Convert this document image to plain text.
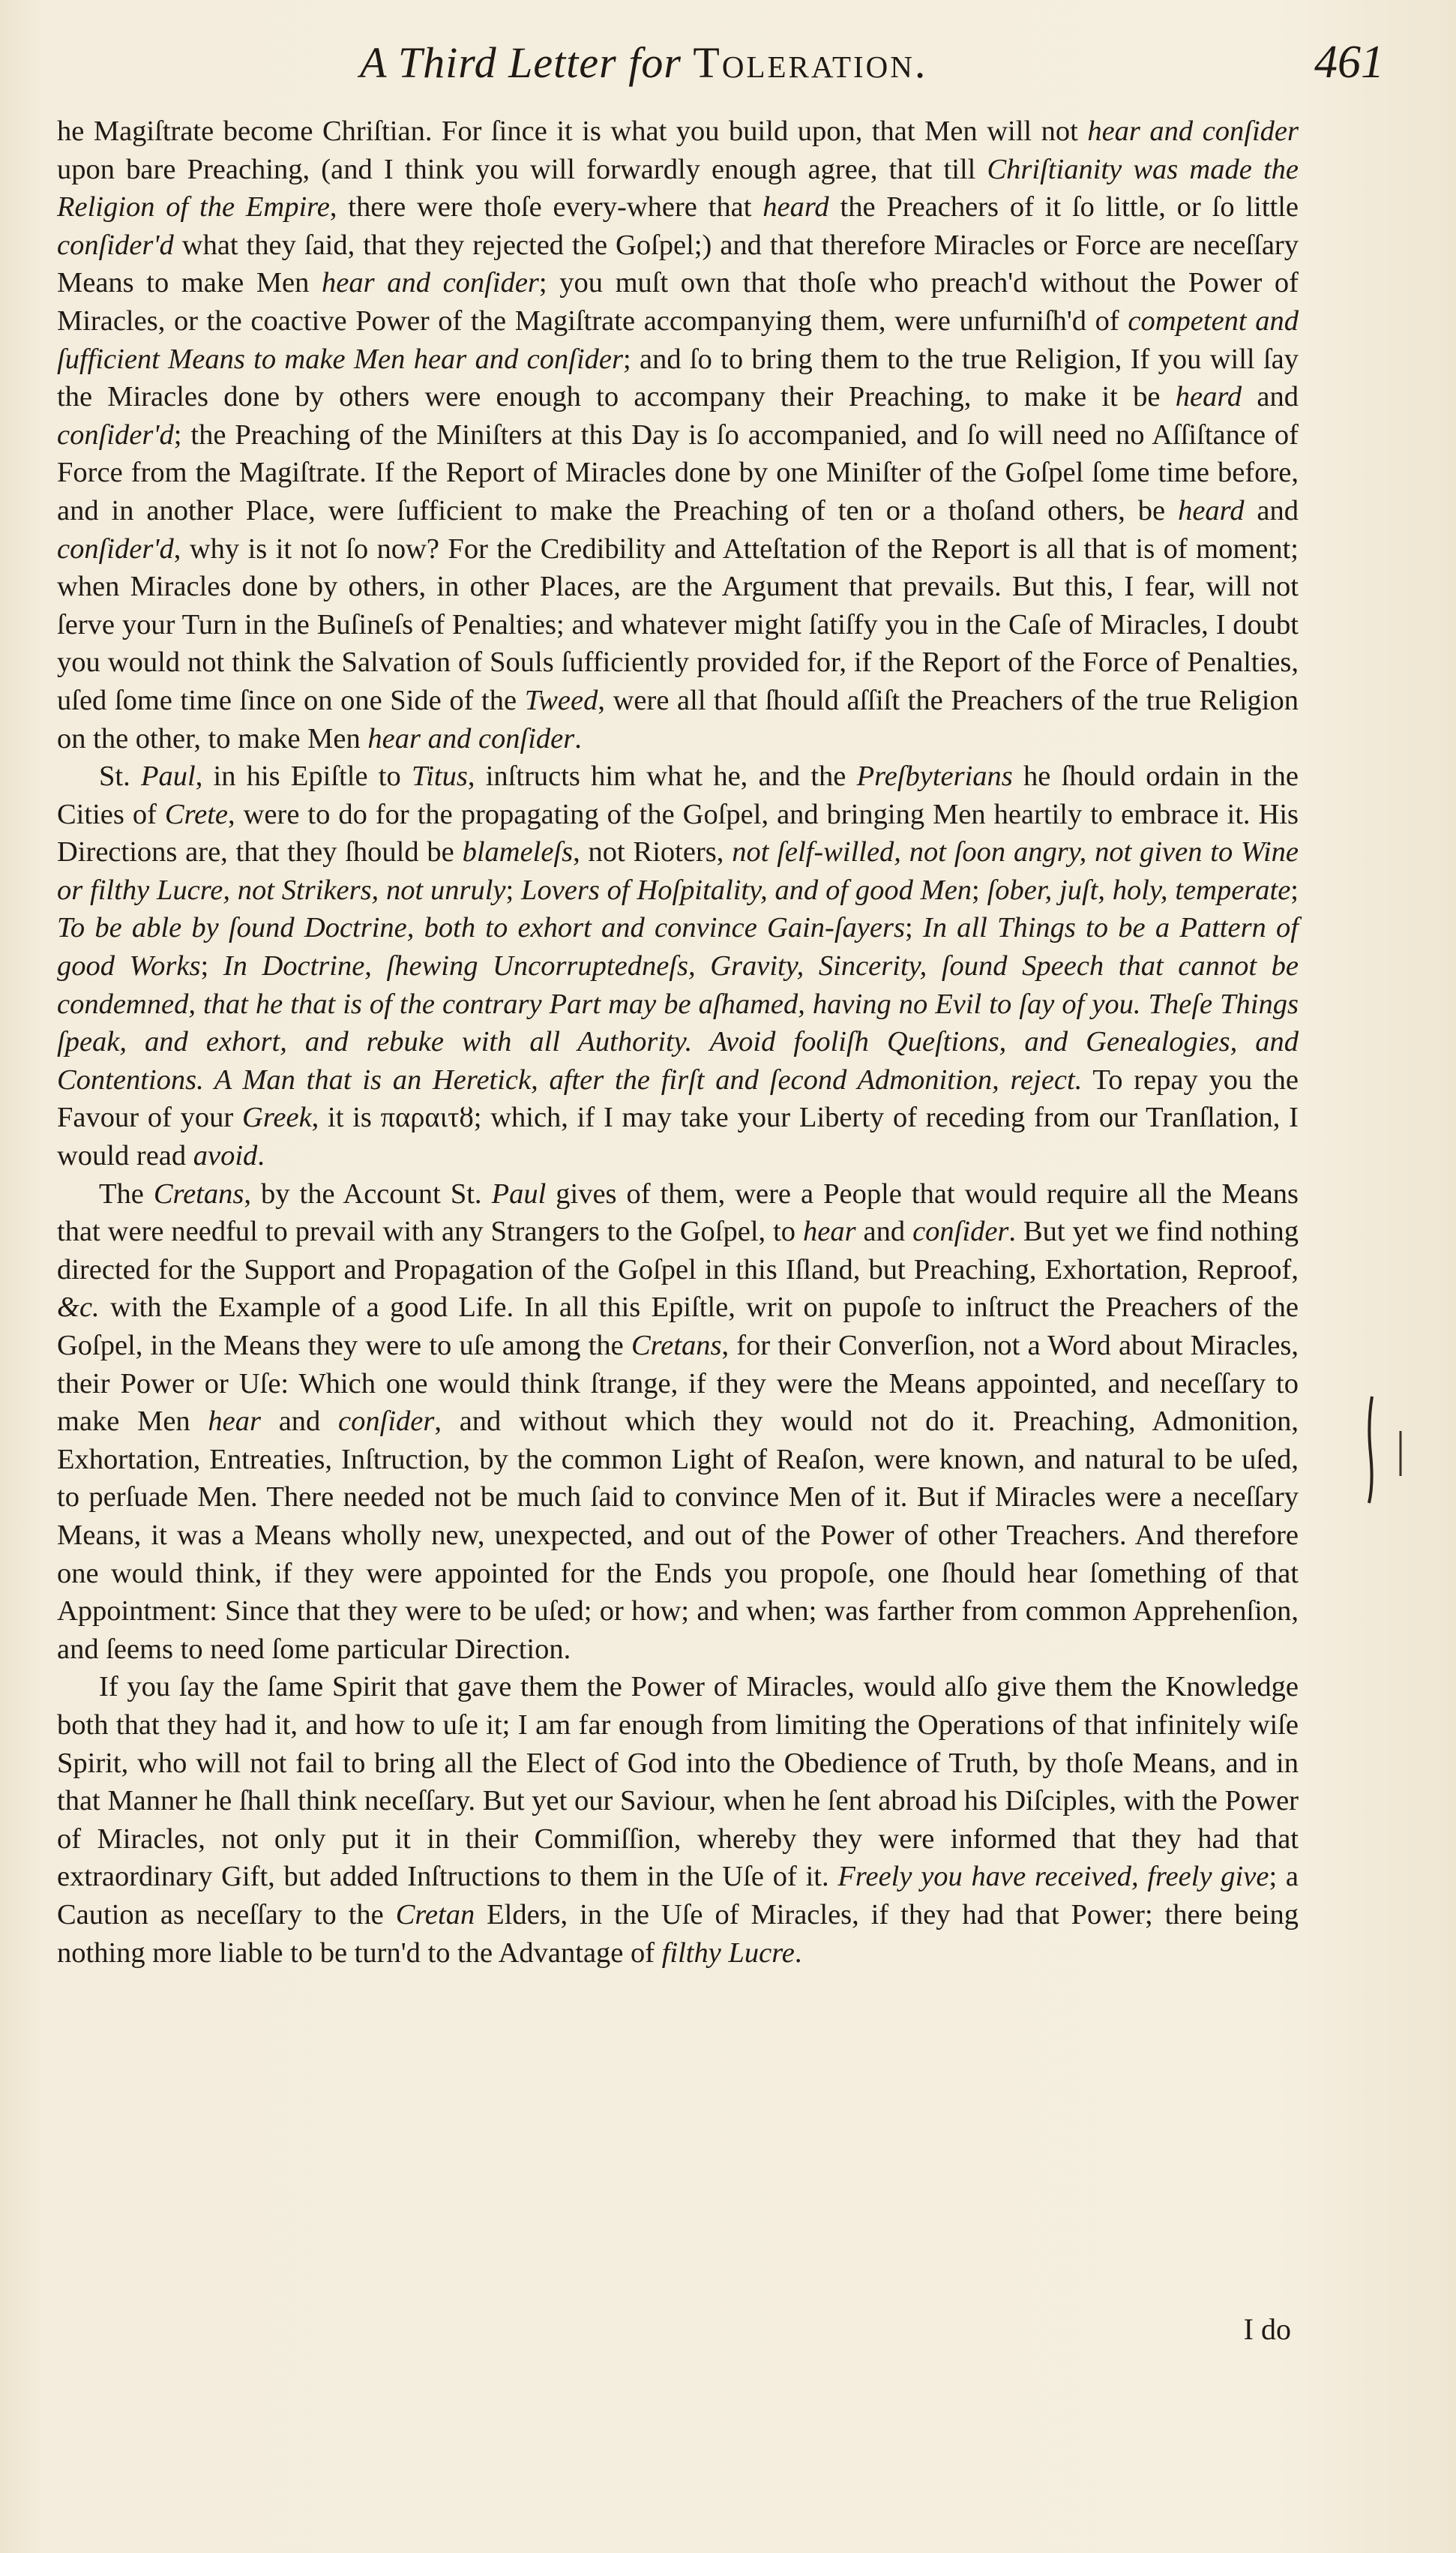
A Third Letter for Toleration.	461

he Magiſtrate become Chriſtian. For ſince it is what you build upon, that Men will not hear and conſider upon bare Preaching, (and I think you will forwardly enough agree, that till Chriſtianity was made the Religion of the Empire, there were thoſe every-where that heard the Preachers of it ſo little, or ſo little conſider'd what they ſaid, that they rejected the Goſpel;) and that therefore Miracles or Force are neceſſary Means to make Men hear and conſider; you muſt own that thoſe who preach'd without the Power of Miracles, or the coactive Power of the Magiſtrate accompanying them, were unfurniſh'd of competent and ſufficient Means to make Men hear and conſider; and ſo to bring them to the true Religion, If you will ſay the Miracles done by others were enough to accompany their Preaching, to make it be heard and conſider'd; the Preaching of the Miniſters at this Day is ſo accompanied, and ſo will need no Aſſiſtance of Force from the Magiſtrate. If the Report of Miracles done by one Miniſter of the Goſpel ſome time before, and in another Place, were ſufficient to make the Preaching of ten or a thoſand others, be heard and conſider'd, why is it not ſo now? For the Credibility and Atteſtation of the Report is all that is of moment; when Miracles done by others, in other Places, are the Argument that prevails. But this, I fear, will not ſerve your Turn in the Buſineſs of Penalties; and whatever might ſatiſfy you in the Caſe of Miracles, I doubt you would not think the Salvation of Souls ſufficiently provided for, if the Report of the Force of Penalties, uſed ſome time ſince on one Side of the Tweed, were all that ſhould aſſiſt the Preachers of the true Religion on the other, to make Men hear and conſider.

St. Paul, in his Epiſtle to Titus, inſtructs him what he, and the Preſbyterians he ſhould ordain in the Cities of Crete, were to do for the propagating of the Goſpel, and bringing Men heartily to embrace it. His Directions are, that they ſhould be blameleſs, not Rioters, not ſelf-willed, not ſoon angry, not given to Wine or filthy Lucre, not Strikers, not unruly; Lovers of Hoſpitality, and of good Men; ſober, juſt, holy, temperate; To be able by ſound Doctrine, both to exhort and convince Gain-ſayers; In all Things to be a Pattern of good Works; In Doctrine, ſhewing Uncorruptedneſs, Gravity, Sincerity, ſound Speech that cannot be condemned, that he that is of the contrary Part may be aſhamed, having no Evil to ſay of you. Theſe Things ſpeak, and exhort, and rebuke with all Authority. Avoid fooliſh Queſtions, and Genealogies, and Contentions. A Man that is an Heretick, after the firſt and ſecond Admonition, reject. To repay you the Favour of your Greek, it is παραιτȣ; which, if I may take your Liberty of receding from our Tranſlation, I would read avoid.

The Cretans, by the Account St. Paul gives of them, were a People that would require all the Means that were needful to prevail with any Strangers to the Goſpel, to hear and conſider. But yet we find nothing directed for the Support and Propagation of the Goſpel in this Iſland, but Preaching, Exhortation, Reproof, &c. with the Example of a good Life. In all this Epiſtle, writ on pupoſe to inſtruct the Preachers of the Goſpel, in the Means they were to uſe among the Cretans, for their Converſion, not a Word about Miracles, their Power or Uſe: Which one would think ſtrange, if they were the Means appointed, and neceſſary to make Men hear and conſider, and without which they would not do it. Preaching, Admonition, Exhortation, Entreaties, Inſtruction, by the common Light of Reaſon, were known, and natural to be uſed, to perſuade Men. There needed not be much ſaid to convince Men of it. But if Miracles were a neceſſary Means, it was a Means wholly new, unexpected, and out of the Power of other Treachers. And therefore one would think, if they were appointed for the Ends you propoſe, one ſhould hear ſomething of that Appointment: Since that they were to be uſed; or how; and when; was farther from common Apprehenſion, and ſeems to need ſome particular Direction.

If you ſay the ſame Spirit that gave them the Power of Miracles, would alſo give them the Knowledge both that they had it, and how to uſe it; I am far enough from limiting the Operations of that infinitely wiſe Spirit, who will not fail to bring all the Elect of God into the Obedience of Truth, by thoſe Means, and in that Manner he ſhall think neceſſary. But yet our Saviour, when he ſent abroad his Diſciples, with the Power of Miracles, not only put it in their Commiſſion, whereby they were informed that they had that extraordinary Gift, but added Inſtructions to them in the Uſe of it. Freely you have received, freely give; a Caution as neceſſary to the Cretan Elders, in the Uſe of Miracles, if they had that Power; there being nothing more liable to be turn'd to the Advantage of filthy Lucre.

I do
